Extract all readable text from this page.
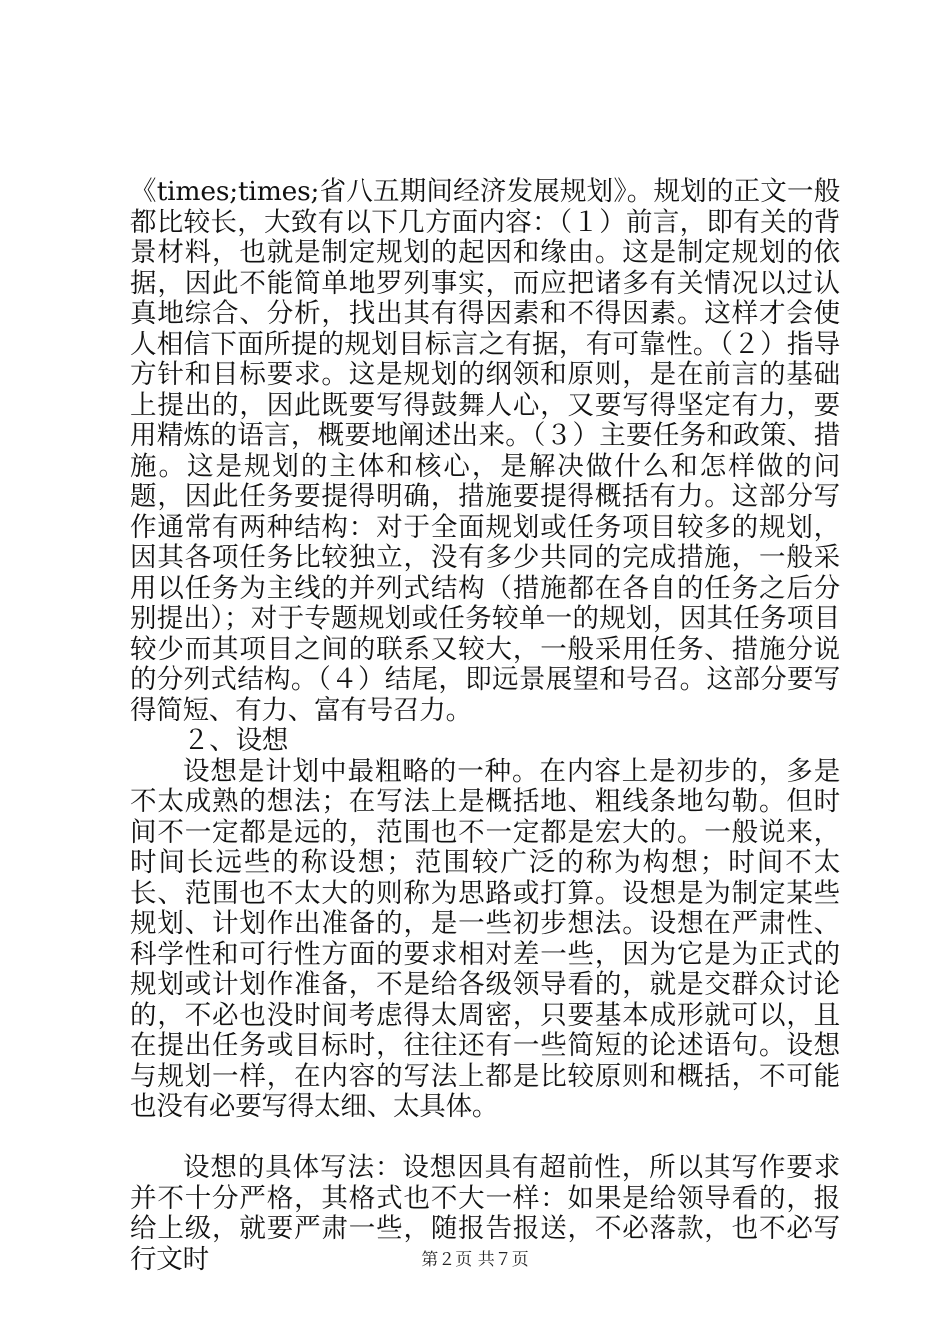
《times;times;省八五期间经济发展规划》。规划的正文一般都比较长，大致有以下几方面内容：（１）前言，即有关的背景材料，也就是制定规划的起因和缘由。这是制定规划的依据，因此不能简单地罗列事实，而应把诸多有关情况以过认真地综合、分析，找出其有得因素和不得因素。这样才会使人相信下面所提的规划目标言之有据，有可靠性。（２）指导方针和目标要求。这是规划的纲领和原则，是在前言的基础上提出的，因此既要写得鼓舞人心，又要写得坚定有力，要用精炼的语言，概要地阐述出来。（３）主要任务和政策、措施。这是规划的主体和核心，是解决做什么和怎样做的问题，因此任务要提得明确，措施要提得概括有力。这部分写作通常有两种结构：对于全面规划或任务项目较多的规划，因其各项任务比较独立，没有多少共同的完成措施，一般采用以任务为主线的并列式结构（措施都在各自的任务之后分别提出）；对于专题规划或任务较单一的规划，因其任务项目较少而其项目之间的联系又较大，一般采用任务、措施分说的分列式结构。（４）结尾，即远景展望和号召。这部分要写得简短、有力、富有号召力。

２、设想

设想是计划中最粗略的一种。在内容上是初步的，多是不太成熟的想法；在写法上是概括地、粗线条地勾勒。但时间不一定都是远的，范围也不一定都是宏大的。一般说来，时间长远些的称设想；范围较广泛的称为构想；时间不太长、范围也不太大的则称为思路或打算。设想是为制定某些规划、计划作出准备的，是一些初步想法。设想在严肃性、科学性和可行性方面的要求相对差一些，因为它是为正式的规划或计划作准备，不是给各级领导看的，就是交群众讨论的，不必也没时间考虑得太周密，只要基本成形就可以，且在提出任务或目标时，往往还有一些简短的论述语句。设想与规划一样，在内容的写法上都是比较原则和概括，不可能也没有必要写得太细、太具体。

设想的具体写法：设想因具有超前性，所以其写作要求并不十分严格，其格式也不大一样：如果是给领导看的，报给上级，就要严肃一些，随报告报送，不必落款，也不必写行文时	第２页 共７页
